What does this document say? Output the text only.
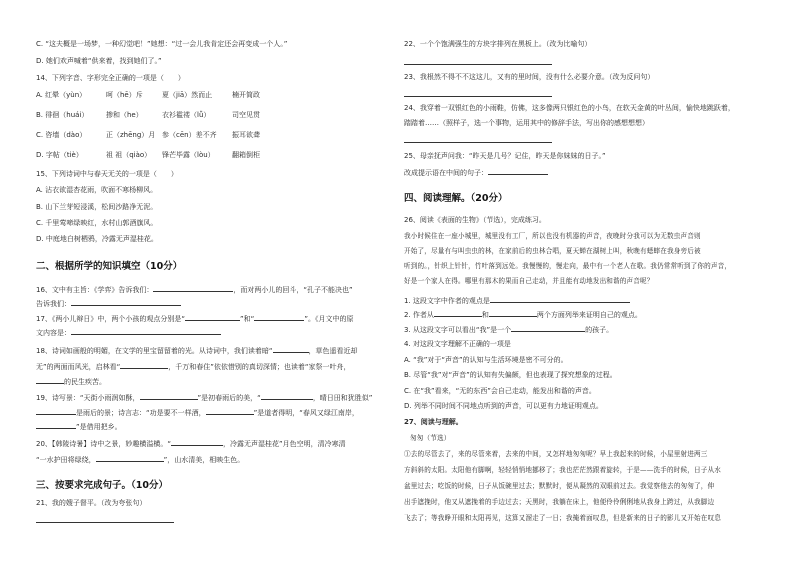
C. “这夫概是一场梦，一种幻觉吧！”她想：“过一会儿我肯定还会再变成一个人。”
D. 她们欢声喊着“供来着，找到她们了。”
14、下列字音、字形完全正确的一项是（　　）
A. 红晕（yùn）	呵（hē）斥	夏（jiā）然而止	楠开简政
B. 徘徊（huái）	掺和（he）	衣衫褴褛（lǚ）	司空见贯
C. 咨墙（dào）	正（zhēng）月 参（cēn）差不齐 振耳欲聋
D. 字帖（tiè）	祖 祖（qiào） 锋芒毕露（lòu） 翻箱倒柜
15、下列诗词中与春天无关的一项是（　　）
A. 沾衣欲湿杏花雨，吹面不寒杨柳风。
B. 山下兰芽短浸溪，松间沙路净无泥。
C. 千里莺啼绿映红，水村山郭酒旗风。
D. 中庭地白树栖鸦，冷露无声湿桂花。
二、根据所学的知识填空（10分）
16、文中有主旨：《学弈》告诉我们：	，而对两小儿的回斗，“孔子不能决也”
告诉我们：
17、《两小儿辩日》中，两个小孩的观点分别是“	”和“	”。《月文中的原
文内容是：
18、诗词如画般的明媚，在文学的里宝留留着的光。从诗词中，我们读着暗“	，草色遥看近却
无”的两面而风光，启林看“	，千万和春住”依依惜别的真切深情；也读着“家祭一叶舟，
的民生疾苦。
19、诗写景：“天街小雨润如酥，	”是初春雨后的美，“	，晴日田和犹胜似”
是雨后的景；诗言志：“功是要不一样酒，	”是道者得明，“春风又绿江南岸，
”是借用把乡。
20、【韩陵诗暑】诗中之景，妙趣横溢横。“	，冷露无声湿桂花”月色空明，清冷寒清
“一水护田将绿绕，	”，山水清美，相映生色。
三、按要求完成句子。（10分）
21、我的嫂子督平。（改为夸张句）
22、一个个饱满强生的方块字排列在黑板上。（改为比喻句）
23、我根然不得不不这这儿，又有的里时间，没有什么必要介意。（改为反问句）
24、我穿着一双银红色的小雨鞋，仿佛，这多像两只银红色的小鸟，在软天金黄的叶丛间，愉快地跳跃着，
踏踏着……（照样子，选一个事物，运用其中的修辞手法，写出你的感想想想）
25、母亲抚声问我：“昨天是几号？记住，昨天是你妹妹的日子。”
改成提示语在中间的句子：
四、阅读理解。（20分）
26、阅读《表面的生物》（节选），完成练习。
我小时候住在一座小城里，城里没有工厂，所以也没有机器的声音，夜晚时分我可以为无数虫声音则
开始了，尽量有与叫虫虫的林，在家前后的虫林合唱，夏天蝉在湖树上叫，秋晚有蟋蟀在我身旁后被
听到的。，针织上针针，竹叶落到远处。我慢慢的，慢走向，最中有一个老人在歌。我仍常常听到了你的声音，
好是一个家人在得。哪里有那木的果而自己走动，并且能有动地发出和谐的声音呢？
1. 这段文字中作者的观点是
2. 作者从	和	两个方面列举来证明自己的观点。
3. 从这段文字可以看出“我”是一个	的孩子。
4. 对这段文字理解不正确的一项是
A. “我”对于“声音”的认知与生活环境是密不可分的。
B. 尽管“我”对“声音”的认知有失偏颇，但也表现了探究想象的过程。
C. 在“我”看来，“无的东西”会自己走动，能发出和谐的声音。
D. 列举不同时间不同地点听到的声音，可以更有力地证明观点。
27、阅读与理解。
匆匆（节选）
①去的尽管去了，来的尽管来着，去来的中间，又怎样地匆匆呢？早上我起来的时候，小屋里射进两三
方斜斜的太阳。太阳他有脚啊，轻轻悄悄地挪移了；我也茫茫然跟着旋转，于是——洗手的时候，日子从水
盆里过去；吃饭的时候，日子从饭碗里过去；默默时，便从凝然的双眼前过去。我觉察他去的匆匆了，伸
出手遮挽时，他又从遮挽着的手边过去；天黑时，我躺在床上，他便伶伶俐俐地从我身上跨过，从我脚边
飞去了；等我睁开眼和太阳再见，这算又溜走了一日；我掩着面叹息，但是新来的日子的影儿又开始在叹息
